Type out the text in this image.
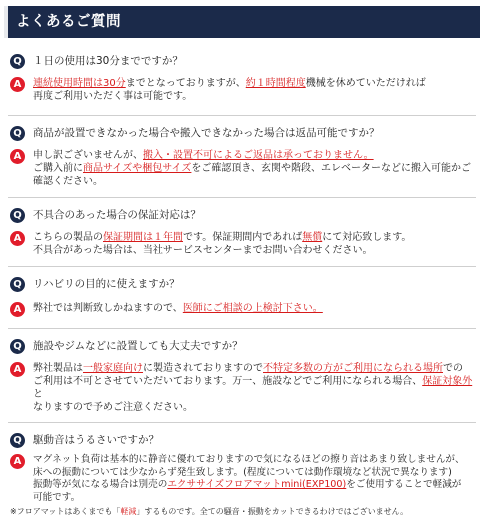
よくあるご質問
Q	１日の使用は30分までですか？
A	連続使用時間は30分までとなっておりますが、約１時間程度機械を休めていただければ
再度ご利用いただく事は可能です。
Q	商品が設置できなかった場合や搬入できなかった場合は返品可能ですか？
A	申し訳ございませんが、搬入・設置不可によるご返品は承っておりません。
ご購入前に商品サイズや梱包サイズをご確認頂き、玄関や階段、エレベーターなどに搬入可能かご確認ください。
Q	不具合のあった場合の保証対応は？
A	こちらの製品の保証期間は１年間です。保証期間内であれば無償にて対応致します。
不具合があった場合は、当社サービスセンターまでお問い合わせください。
Q	リハビリの目的に使えますか？
A	弊社では判断致しかねますので、医師にご相談の上検討下さい。
Q	施設やジムなどに設置しても大丈夫ですか？
A	弊社製品は一般家庭向けに製造されておりますので不特定多数の方がご利用になられる場所での
ご利用は不可とさせていただいております。万一、施設などでご利用になられる場合、保証対象外と
なりますので予めご注意ください。
Q	駆動音はうるさいですか？
A	マグネット負荷は基本的に静音に優れておりますので気になるほどの擦り音はあまり致しませんが、
床への振動については少なからず発生致します。(程度については動作環境など状況で異なります)
振動等が気になる場合は別売のエクササイズフロアマットmini(EXP100)をご使用することで軽減が
可能です。
※フロアマットはあくまでも「軽減」するものです。全ての騒音・振動をカットできるわけではございません。
